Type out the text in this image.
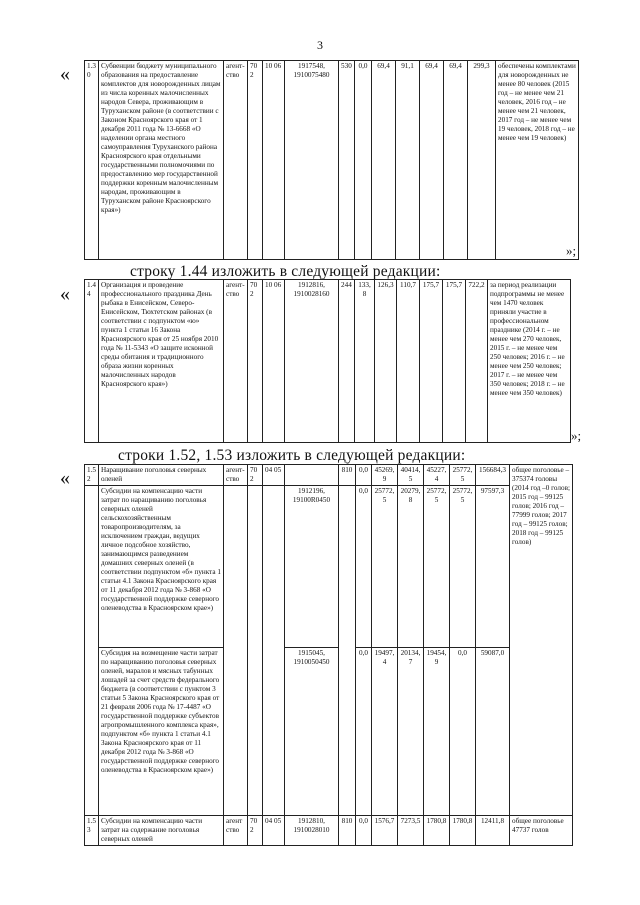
3
« 1.30	Субвенции бюджету муниципального образования на предоставление комплектов для новорожденных лицам из числа коренных малочисленных народов Севера, проживающим в Туруханском районе (в соответствии с Законом Красноярского края от 1 декабря 2011 года № 13-6668 «О наделении органа местного самоуправления Туруханского района Красноярского края отдельными государственными полномочиями по предоставлению мер государственной поддержки коренным малочисленным народам, проживающим в Туруханском районе Красноярского края»)	агент-ство	702	10 06	1917548, 1910075480	530	0,0	69,4	91,1	69,4	69,4	299,3	обеспечены комплектами для новорожденных не менее 80 человек (2015 год – не менее чем 21 человек, 2016 год – не менее чем 21 человек, 2017 год – не менее чем 19 человек, 2018 год – не менее чем 19 человек)
»;
строку 1.44 изложить в следующей редакции:
« 1.44	Организация и проведение профессионального праздника День рыбака в Енисейском, Северо-Енисейском, Тюхтетском районах (в соответствии с подпунктом «ю» пункта 1 статьи 16 Закона Красноярского края от 25 ноября 2010 года № 11-5343 «О защите исконной среды обитания и традиционного образа жизни коренных малочисленных народов Красноярского края»)	агент-ство	702	10 06	1912816, 1910028160	244	133,8	126,3	110,7	175,7	175,7	722,2	за период реализации подпрограммы не менее чем 1470 человек приняли участие в профессиональном празднике (2014 г. – не менее чем 270 человек, 2015 г. – не менее чем 250 человек; 2016 г. – не менее чем 250 человек; 2017 г. – не менее чем 350 человек; 2018 г. – не менее чем 350 человек)
»;
строки 1.52, 1.53 изложить в следующей редакции:
« 1.52	Наращивание поголовья северных оленей	агент-ство	702	04 05		810	0,0	45269,9	40414,5	45227,4	25772,5	156684,3	общее поголовье – 375374 головы (2014 год –0 голов; 2015 год – 99125 голов; 2016 год – 77999 голов; 2017 год – 99125 голов; 2018 год – 99125 голов)
	Субсидии на компенсацию части затрат по наращиванию поголовья северных оленей сельскохозяйственным товаропроизводителям, за исключением граждан, ведущих личное подсобное хозяйство, занимающимся разведением домашних северных оленей (в соответствии подпунктом «б» пункта 1 статьи 4.1 Закона Красноярского края от 11 декабря 2012 года № 3-868 «О государственной поддержке северного оленеводства в Красноярском крае»)				1912196, 19100R0450		0,0	25772,5	20279,8	25772,5	25772,5	97597,3	
	Субсидия на возмещение части затрат по наращиванию поголовья северных оленей, маралов и мясных табунных лошадей за счет средств федерального бюджета (в соответствии с пунктом 3 статьи 5 Закона Красноярского края от 21 февраля 2006 года № 17-4487 «О государственной поддержке субъектов агропромышленного комплекса края», подпунктом «б» пункта 1 статьи 4.1 Закона Красноярского края от 11 декабря 2012 года № 3-868 «О государственной поддержке северного оленеводства в Красноярском крае»)				1915045, 1910050450		0,0	19497,4	20134,7	19454,9	0,0	59087,0	
1.53	Субсидии на компенсацию части затрат на содержание поголовья северных оленей	агентство	702	04 05	1912810, 1910028010	810	0,0	1576,7	7273,5	1780,8	1780,8	12411,8	общее поголовье 47737 голов
